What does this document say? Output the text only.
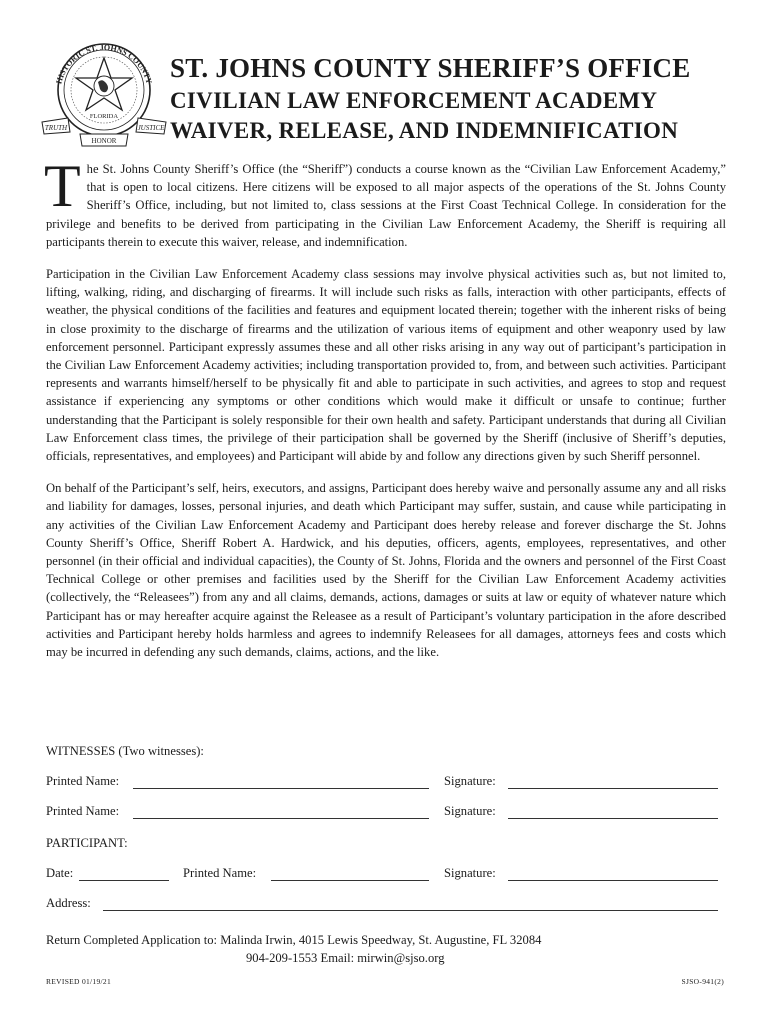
HISTORIC ST. JOHNS COUNTY
FLORIDA
TRUTH	JUSTICE
HONOR
ST. JOHNS COUNTY SHERIFF’S OFFICE
CIVILIAN LAW ENFORCEMENT ACADEMY
WAIVER, RELEASE, AND INDEMNIFICATION

The St. Johns County Sheriff’s Office (the “Sheriff”) conducts a course known as the “Civilian Law Enforcement Academy,” that is open to local citizens. Here citizens will be exposed to all major aspects of the operations of the St. Johns County Sheriff’s Office, including, but not limited to, class sessions at the First Coast Technical College. In consideration for the privilege and benefits to be derived from participating in the Civilian Law Enforcement Academy, the Sheriff is requiring all participants therein to execute this waiver, release, and indemnification.

Participation in the Civilian Law Enforcement Academy class sessions may involve physical activities such as, but not limited to, lifting, walking, riding, and discharging of firearms. It will include such risks as falls, interaction with other participants, effects of weather, the physical conditions of the facilities and features and equipment located therein; together with the inherent risks of being in close proximity to the discharge of firearms and the utilization of various items of equipment and other weaponry used by law enforcement personnel. Participant expressly assumes these and all other risks arising in any way out of participant’s participation in the Civilian Law Enforcement Academy activities; including transportation provided to, from, and between such activities. Participant represents and warrants himself/herself to be physically fit and able to participate in such activities, and agrees to stop and request assistance if experiencing any symptoms or other conditions which would make it difficult or unsafe to continue; further understanding that the Participant is solely responsible for their own health and safety. Participant understands that during all Civilian Law Enforcement class times, the privilege of their participation shall be governed by the Sheriff (inclusive of Sheriff’s deputies, officials, representatives, and employees) and Participant will abide by and follow any directions given by such Sheriff personnel.

On behalf of the Participant’s self, heirs, executors, and assigns, Participant does hereby waive and personally assume any and all risks and liability for damages, losses, personal injuries, and death which Participant may suffer, sustain, and cause while participating in any activities of the Civilian Law Enforcement Academy and Participant does hereby release and forever discharge the St. Johns County Sheriff’s Office, Sheriff Robert A. Hardwick, and his deputies, officers, agents, employees, representatives, and other personnel (in their official and individual capacities), the County of St. Johns, Florida and the owners and personnel of the First Coast Technical College or other premises and facilities used by the Sheriff for the Civilian Law Enforcement Academy activities (collectively, the “Releasees”) from any and all claims, demands, actions, damages or suits at law or equity of whatever nature which Participant has or may hereafter acquire against the Releasee as a result of Participant’s voluntary participation in the afore described activities and Participant hereby holds harmless and agrees to indemnify Releasees for all damages, attorneys fees and costs which may be incurred in defending any such demands, claims, actions, and the like.

WITNESSES (Two witnesses):
Printed Name:	Signature:
Printed Name:	Signature:
PARTICIPANT:
Date:	Printed Name:	Signature:
Address:
Return Completed Application to: Malinda Irwin, 4015 Lewis Speedway, St. Augustine, FL 32084
904-209-1553 Email: mirwin@sjso.org
REVISED 01/19/21	SJSO-941(2)
